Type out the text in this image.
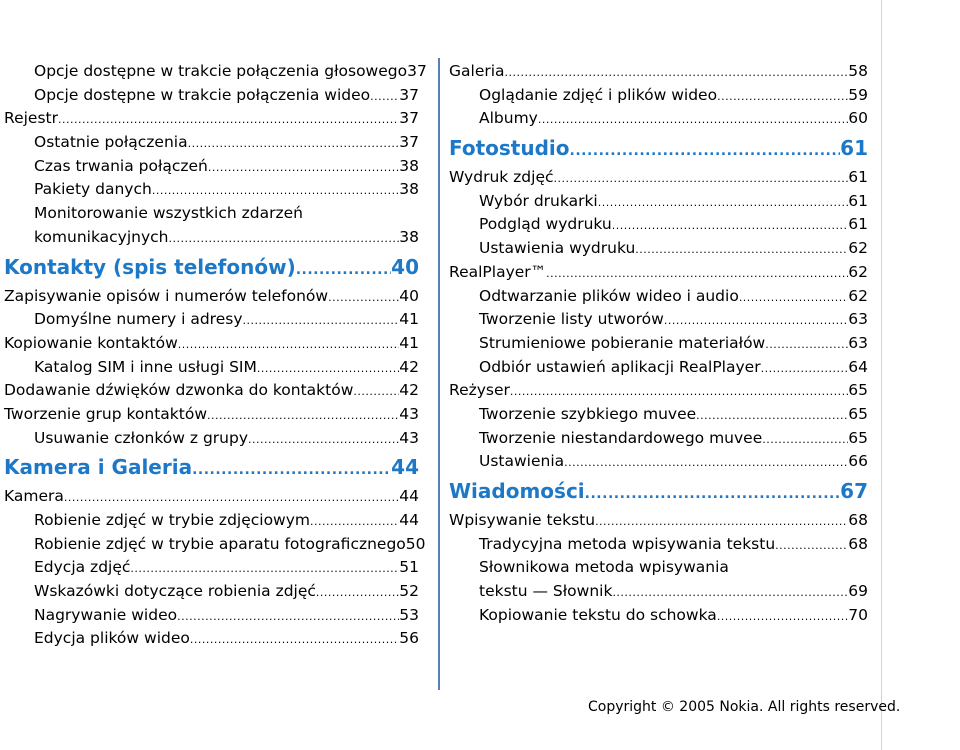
Opcje dostępne w trakcie połączenia głosowego 37
Opcje dostępne w trakcie połączenia wideo ..... 37
Rejestr .....	37
Ostatnie połączenia .....	37
Czas trwania połączeń .....	38
Pakiety danych .....	38
Monitorowanie wszystkich zdarzeń
komunikacyjnych .....	38
Kontakty (spis telefonów) .....	40
Zapisywanie opisów i numerów telefonów .....	40
Domyślne numery i adresy .....	41
Kopiowanie kontaktów .....	41
Katalog SIM i inne usługi SIM .....	42
Dodawanie dźwięków dzwonka do kontaktów .....	42
Tworzenie grup kontaktów .....	43
Usuwanie członków z grupy .....	43
Kamera i Galeria .....	44
Kamera .....	44
Robienie zdjęć w trybie zdjęciowym .....	44
Robienie zdjęć w trybie aparatu fotograficznego 50
Edycja zdjęć .....	51
Wskazówki dotyczące robienia zdjęć .....	52
Nagrywanie wideo .....	53
Edycja plików wideo .....	56
Galeria .....	58
Oglądanie zdjęć i plików wideo .....	59
Albumy .....	60
Fotostudio .....	61
Wydruk zdjęć .....	61
Wybór drukarki .....	61
Podgląd wydruku .....	61
Ustawienia wydruku .....	62
RealPlayer™ .....	62
Odtwarzanie plików wideo i audio .....	62
Tworzenie listy utworów .....	63
Strumieniowe pobieranie materiałów .....	63
Odbiór ustawień aplikacji RealPlayer .....	64
Reżyser .....	65
Tworzenie szybkiego muvee .....	65
Tworzenie niestandardowego muvee .....	65
Ustawienia .....	66
Wiadomości .....	67
Wpisywanie tekstu .....	68
Tradycyjna metoda wpisywania tekstu .....	68
Słownikowa metoda wpisywania
tekstu — Słownik .....	69
Kopiowanie tekstu do schowka .....	70
Copyright © 2005 Nokia. All rights reserved.
